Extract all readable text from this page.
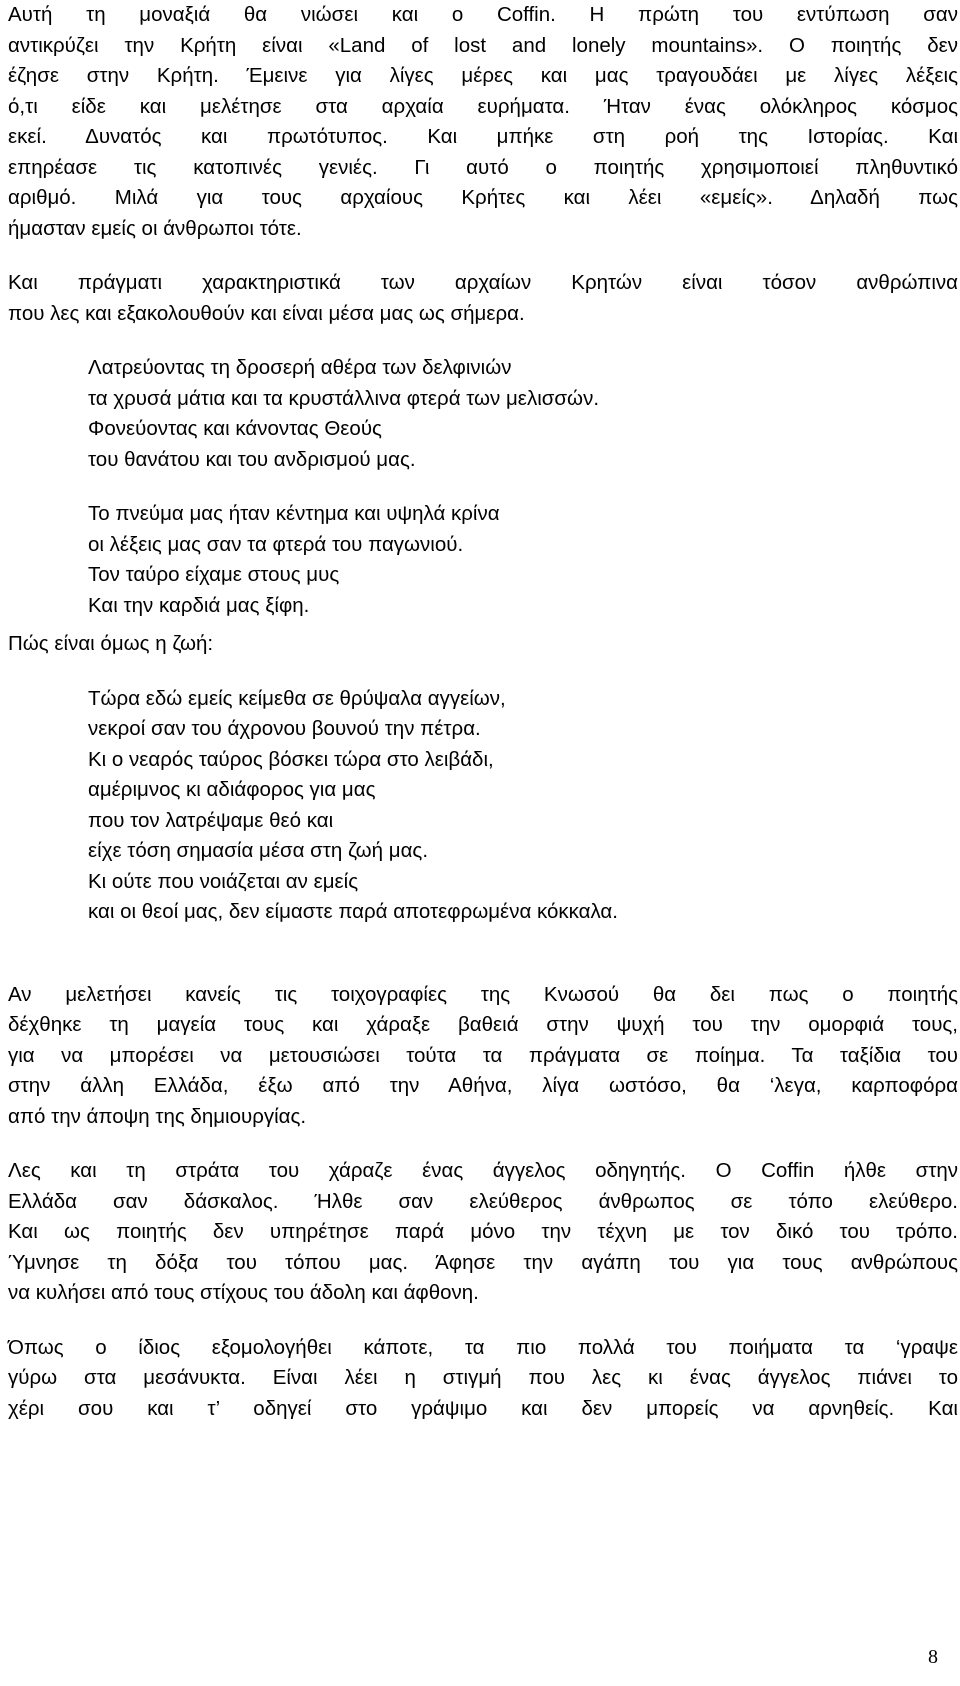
Αυτή τη μοναξιά θα νιώσει και ο Coffin. Η πρώτη του εντύπωση σαν
αντικρύζει την Κρήτη είναι «Land of lost and lonely mountains». Ο ποιητής δεν
έζησε στην Κρήτη. Έμεινε για λίγες μέρες και μας τραγουδάει με λίγες λέξεις
ό,τι είδε και μελέτησε στα αρχαία ευρήματα. Ήταν ένας ολόκληρος κόσμος
εκεί. Δυνατός και πρωτότυπος. Και μπήκε στη ροή της Ιστορίας. Και
επηρέασε τις κατοπινές γενιές. Γι αυτό ο ποιητής χρησιμοποιεί πληθυντικό
αριθμό. Μιλά για τους αρχαίους Κρήτες και λέει «εμείς». Δηλαδή πως
ήμασταν εμείς οι άνθρωποι τότε.
Και πράγματι χαρακτηριστικά των αρχαίων Κρητών είναι τόσον ανθρώπινα
που λες και εξακολουθούν και είναι μέσα μας ως σήμερα.
Λατρεύοντας τη δροσερή αθέρα των δελφινιών
τα χρυσά μάτια και τα κρυστάλλινα φτερά των μελισσών.
Φονεύοντας και κάνοντας Θεούς
του θανάτου και του ανδρισμού μας.
Το πνεύμα μας ήταν κέντημα και υψηλά κρίνα
οι λέξεις μας σαν τα φτερά του παγωνιού.
Τον ταύρο είχαμε στους μυς
Και την καρδιά μας ξίφη.
Πώς είναι όμως η ζωή:
Τώρα εδώ εμείς κείμεθα σε θρύψαλα αγγείων,
νεκροί σαν του άχρονου βουνού την πέτρα.
Κι ο νεαρός ταύρος βόσκει τώρα στο λειβάδι,
αμέριμνος κι αδιάφορος για μας
που τον λατρέψαμε θεό και
είχε τόση σημασία μέσα στη ζωή μας.
Κι ούτε που νοιάζεται αν εμείς
και οι θεοί μας, δεν είμαστε παρά αποτεφρωμένα κόκκαλα.
Αν μελετήσει κανείς τις τοιχογραφίες της Κνωσού θα δει πως ο ποιητής
δέχθηκε τη μαγεία τους και χάραξε βαθειά στην ψυχή του την ομορφιά τους,
για να μπορέσει να μετουσιώσει τούτα τα πράγματα σε ποίημα. Τα ταξίδια του
στην άλλη Ελλάδα, έξω από την Αθήνα, λίγα ωστόσο, θα ‘λεγα, καρποφόρα
από την άποψη της δημιουργίας.
Λες και τη στράτα του χάραζε ένας άγγελος οδηγητής. Ο Coffin ήλθε στην
Ελλάδα σαν δάσκαλος. Ήλθε σαν ελεύθερος άνθρωπος σε τόπο ελεύθερο.
Και ως ποιητής δεν υπηρέτησε παρά μόνο την τέχνη με τον δικό του τρόπο.
Ύμνησε τη δόξα του τόπου μας. Άφησε την αγάπη του για τους ανθρώπους
να κυλήσει από τους στίχους του άδολη και άφθονη.
Όπως ο ίδιος εξομολογήθει κάποτε, τα πιο πολλά του ποιήματα τα ‘γραψε
γύρω στα μεσάνυκτα. Είναι λέει η στιγμή που λες κι ένας άγγελος πιάνει το
χέρι σου και τ’ οδηγεί στο γράψιμο και δεν μπορείς να αρνηθείς. Και
8
